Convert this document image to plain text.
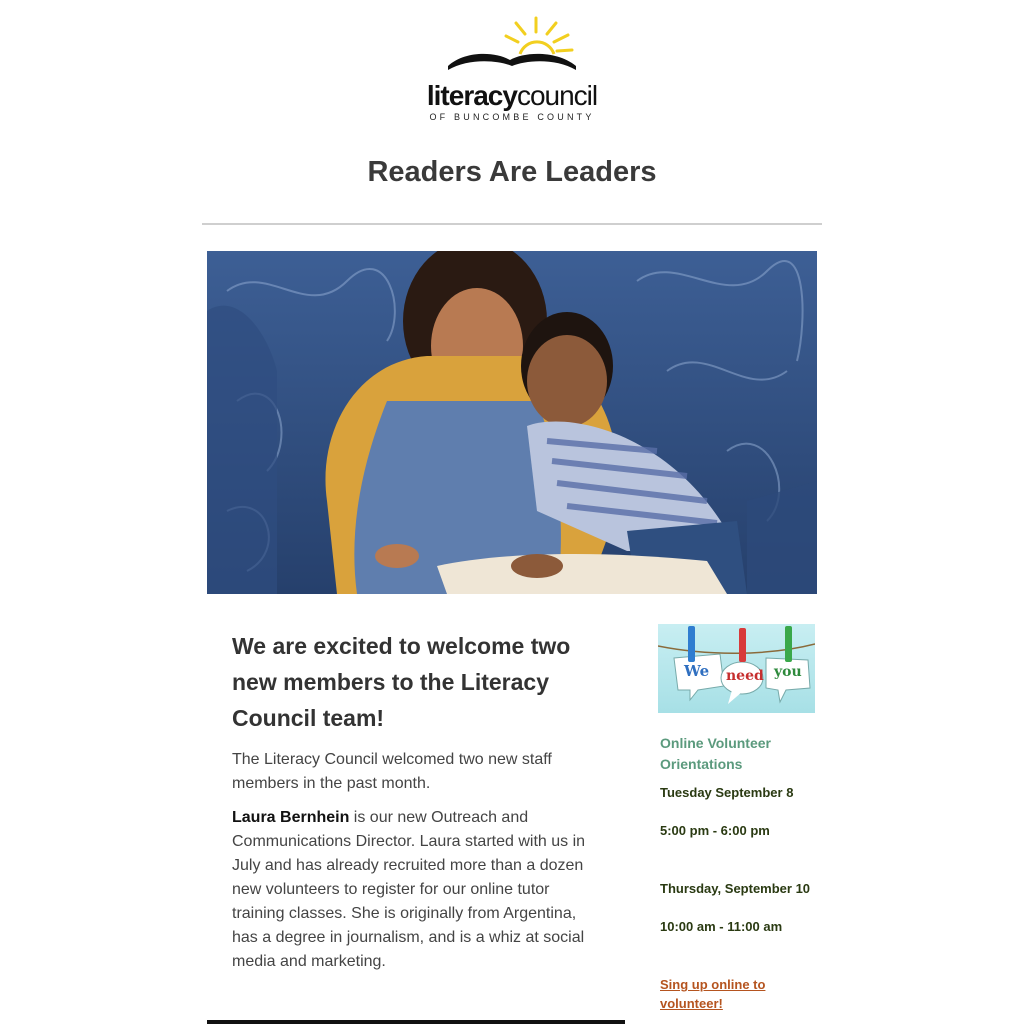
literacycouncil
OF BUNCOMBE COUNTY
Readers Are Leaders
We are excited to welcome two new members to the Literacy Council team!

The Literacy Council welcomed two new staff members in the past month.

Laura Bernhein is our new Outreach and Communications Director. Laura started with us in July and has already recruited more than a dozen new volunteers to register for our online tutor training classes. She is originally from Argentina, has a degree in journalism, and is a whiz at social media and marketing.

We need you
Online Volunteer Orientations
Tuesday September 8
5:00 pm - 6:00 pm
Thursday, September 10
10:00 am - 11:00 am
Sing up online to volunteer!
